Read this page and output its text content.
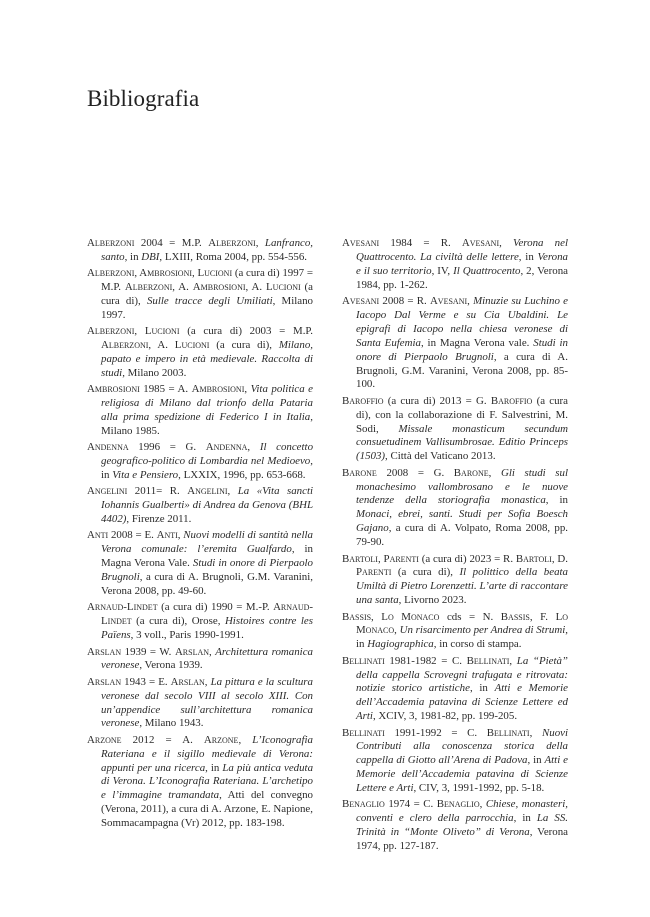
Bibliografia

Alberzoni 2004 = M.P. Alberzoni, Lanfranco, santo, in DBI, LXIII, Roma 2004, pp. 554-556.

Alberzoni, Ambrosioni, Lucioni (a cura di) 1997 = M.P. Alberzoni, A. Ambrosioni, A. Lucioni (a cura di), Sulle tracce degli Umiliati, Milano 1997.

Alberzoni, Lucioni (a cura di) 2003 = M.P. Alberzoni, A. Lucioni (a cura di), Milano, papato e impero in età medievale. Raccolta di studi, Milano 2003.

Ambrosioni 1985 = A. Ambrosioni, Vita politica e religiosa di Milano dal trionfo della Pataria alla prima spedizione di Federico I in Italia, Milano 1985.

Andenna 1996 = G. Andenna, Il concetto geografico-politico di Lombardia nel Medioevo, in Vita e Pensiero, LXXIX, 1996, pp. 653-668.

Angelini 2011= R. Angelini, La «Vita sancti Iohannis Gualberti» di Andrea da Genova (BHL 4402), Firenze 2011.

Anti 2008 = E. Anti, Nuovi modelli di santità nella Verona comunale: l’eremita Gualfardo, in Magna Verona Vale. Studi in onore di Pierpaolo Brugnoli, a cura di A. Brugnoli, G.M. Varanini, Verona 2008, pp. 49-60.

Arnaud-Lindet (a cura di) 1990 = M.-P. Arnaud-Lindet (a cura di), Orose, Histoires contre les Païens, 3 voll., Paris 1990-1991.

Arslan 1939 = W. Arslan, Architettura romanica veronese, Verona 1939.

Arslan 1943 = E. Arslan, La pittura e la scultura veronese dal secolo VIII al secolo XIII. Con un’appendice sull’architettura romanica veronese, Milano 1943.

Arzone 2012 = A. Arzone, L’Iconografia Rateriana e il sigillo medievale di Verona: appunti per una ricerca, in La più antica veduta di Verona. L’Iconografia Rateriana. L’archetipo e l’immagine tramandata, Atti del convegno (Verona, 2011), a cura di A. Arzone, E. Napione, Sommacampagna (Vr) 2012, pp. 183-198.

Avesani 1984 = R. Avesani, Verona nel Quattrocento. La civiltà delle lettere, in Verona e il suo territorio, IV, Il Quattrocento, 2, Verona 1984, pp. 1-262.

Avesani 2008 = R. Avesani, Minuzie su Luchino e Iacopo Dal Verme e su Cia Ubaldini. Le epigrafi di Iacopo nella chiesa veronese di Santa Eufemia, in Magna Verona vale. Studi in onore di Pierpaolo Brugnoli, a cura di A. Brugnoli, G.M. Varanini, Verona 2008, pp. 85-100.

Baroffio (a cura di) 2013 = G. Baroffio (a cura di), con la collaborazione di F. Salvestrini, M. Sodi, Missale monasticum secundum consuetudinem Vallisumbrosae. Editio Princeps (1503), Città del Vaticano 2013.

Barone 2008 = G. Barone, Gli studi sul monachesimo vallombrosano e le nuove tendenze della storiografia monastica, in Monaci, ebrei, santi. Studi per Sofia Boesch Gajano, a cura di A. Volpato, Roma 2008, pp. 79-90.

Bartoli, Parenti (a cura di) 2023 = R. Bartoli, D. Parenti (a cura di), Il polittico della beata Umiltà di Pietro Lorenzetti. L’arte di raccontare una santa, Livorno 2023.

Bassis, Lo Monaco cds = N. Bassis, F. Lo Monaco, Un risarcimento per Andrea di Strumi, in Hagiographica, in corso di stampa.

Bellinati 1981-1982 = C. Bellinati, La “Pietà” della cappella Scrovegni trafugata e ritrovata: notizie storico artistiche, in Atti e Memorie dell’Accademia patavina di Scienze Lettere ed Arti, XCIV, 3, 1981-82, pp. 199-205.

Bellinati 1991-1992 = C. Bellinati, Nuovi Contributi alla conoscenza storica della cappella di Giotto all’Arena di Padova, in Atti e Memorie dell’Accademia patavina di Scienze Lettere e Arti, CIV, 3, 1991-1992, pp. 5-18.

Benaglio 1974 = C. Benaglio, Chiese, monasteri, conventi e clero della parrocchia, in La SS. Trinità in “Monte Oliveto” di Verona, Verona 1974, pp. 127-187.
